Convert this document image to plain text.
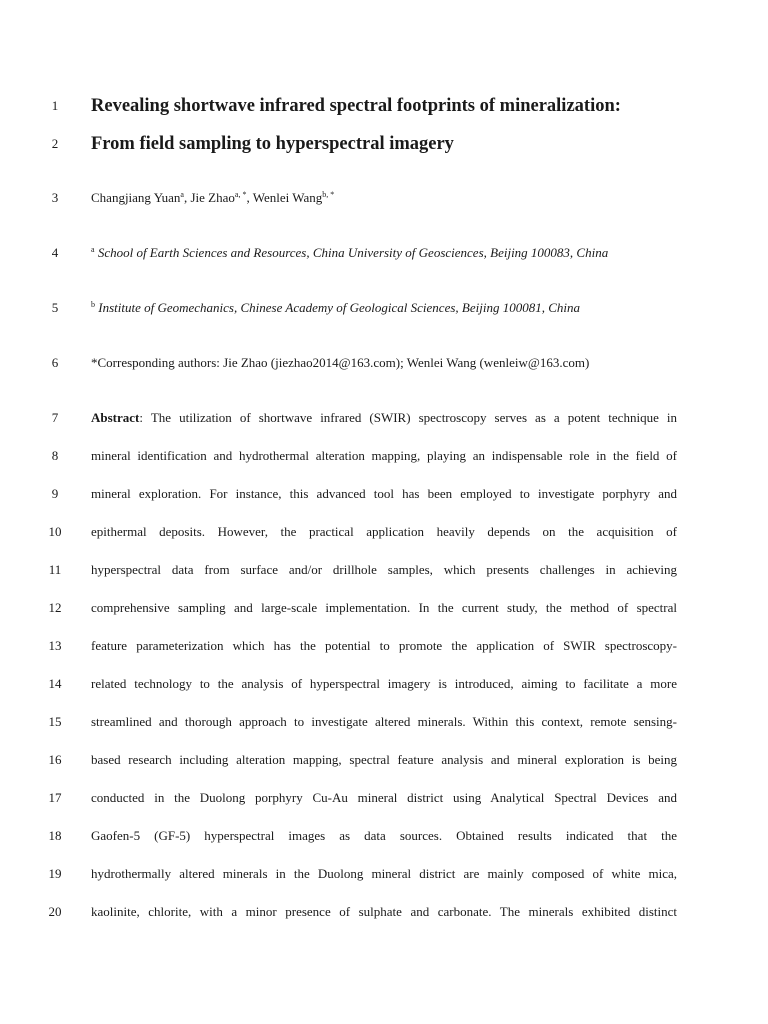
1	Revealing shortwave infrared spectral footprints of mineralization:
2	From field sampling to hyperspectral imagery
3	Changjiang Yuan$^a$, Jie Zhao$^{a, *}$, Wenlei Wang$^{b, *}$
4	$^a$ School of Earth Sciences and Resources, China University of Geosciences, Beijing 100083, China
5	$^b$ Institute of Geomechanics, Chinese Academy of Geological Sciences, Beijing 100081, China
6	*Corresponding authors: Jie Zhao (jiezhao2014@163.com); Wenlei Wang (wenleiw@163.com)
7	Abstract: The utilization of shortwave infrared (SWIR) spectroscopy serves as a potent technique in
8	mineral identification and hydrothermal alteration mapping, playing an indispensable role in the field of
9	mineral exploration. For instance, this advanced tool has been employed to investigate porphyry and
10	epithermal deposits. However, the practical application heavily depends on the acquisition of
11	hyperspectral data from surface and/or drillhole samples, which presents challenges in achieving
12	comprehensive sampling and large-scale implementation. In the current study, the method of spectral
13	feature parameterization which has the potential to promote the application of SWIR spectroscopy-
14	related technology to the analysis of hyperspectral imagery is introduced, aiming to facilitate a more
15	streamlined and thorough approach to investigate altered minerals. Within this context, remote sensing-
16	based research including alteration mapping, spectral feature analysis and mineral exploration is being
17	conducted in the Duolong porphyry Cu-Au mineral district using Analytical Spectral Devices and
18	Gaofen-5 (GF-5) hyperspectral images as data sources. Obtained results indicated that the
19	hydrothermally altered minerals in the Duolong mineral district are mainly composed of white mica,
20	kaolinite, chlorite, with a minor presence of sulphate and carbonate. The minerals exhibited distinct
